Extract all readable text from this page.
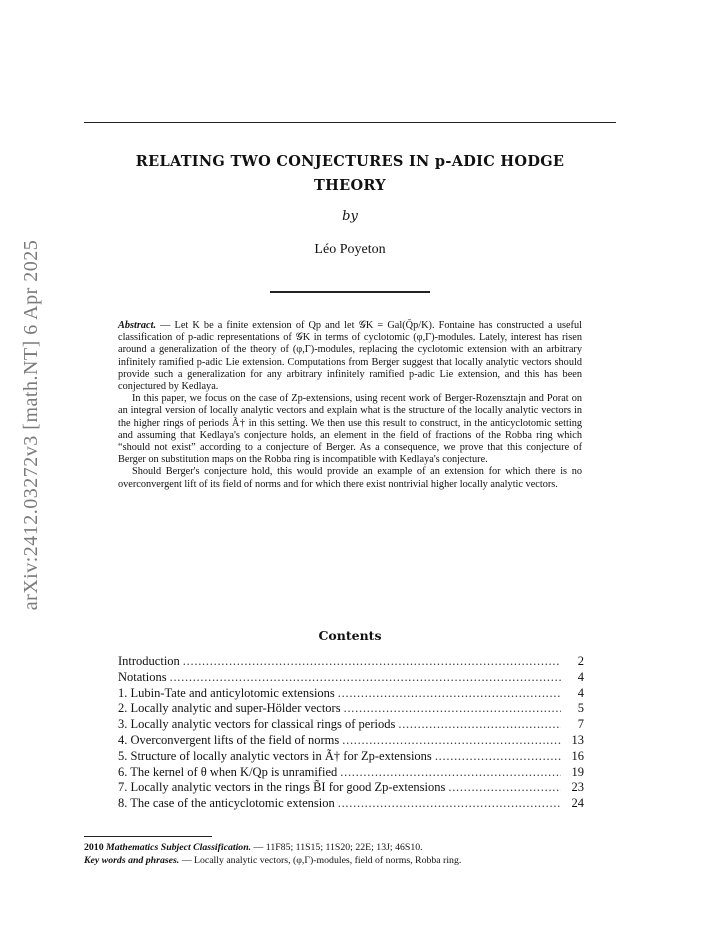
arXiv:2412.03272v3 [math.NT] 6 Apr 2025
RELATING TWO CONJECTURES IN p-ADIC HODGE
THEORY
by
Léo Poyeton

Abstract. — Let K be a finite extension of Qp and let 𝒢K = Gal(Q̄p/K). Fontaine has constructed a useful classification of p-adic representations of 𝒢K in terms of cyclotomic (φ,Γ)-modules. Lately, interest has risen around a generalization of the theory of (φ,Γ)-modules, replacing the cyclotomic extension with an arbitrary infinitely ramified p-adic Lie extension. Computations from Berger suggest that locally analytic vectors should provide such a generalization for any arbitrary infinitely ramified p-adic Lie extension, and this has been conjectured by Kedlaya.

In this paper, we focus on the case of Zp-extensions, using recent work of Berger-Rozensztajn and Porat on an integral version of locally analytic vectors and explain what is the structure of the locally analytic vectors in the higher rings of periods Ã† in this setting. We then use this result to construct, in the anticyclotomic setting and assuming that Kedlaya's conjecture holds, an element in the field of fractions of the Robba ring which “should not exist” according to a conjecture of Berger. As a consequence, we prove that this conjecture of Berger on substitution maps on the Robba ring is incompatible with Kedlaya's conjecture.

Should Berger's conjecture hold, this would provide an example of an extension for which there is no overconvergent lift of its field of norms and for which there exist nontrivial higher locally analytic vectors.

Contents
Introduction . . .	2
Notations . . .	4
1. Lubin-Tate and anticylotomic extensions . . .	4
2. Locally analytic and super-Hölder vectors . . .	5
3. Locally analytic vectors for classical rings of periods . . .	7
4. Overconvergent lifts of the field of norms . . .	13
5. Structure of locally analytic vectors in Ã† for Zp-extensions . . .	16
6. The kernel of θ when K/Qp is unramified . . .	19
7. Locally analytic vectors in the rings B̃I for good Zp-extensions . . .	23
8. The case of the anticyclotomic extension . . .	24
2010 Mathematics Subject Classification. — 11F85; 11S15; 11S20; 22E; 13J; 46S10.
Key words and phrases. — Locally analytic vectors, (φ,Γ)-modules, field of norms, Robba ring.
